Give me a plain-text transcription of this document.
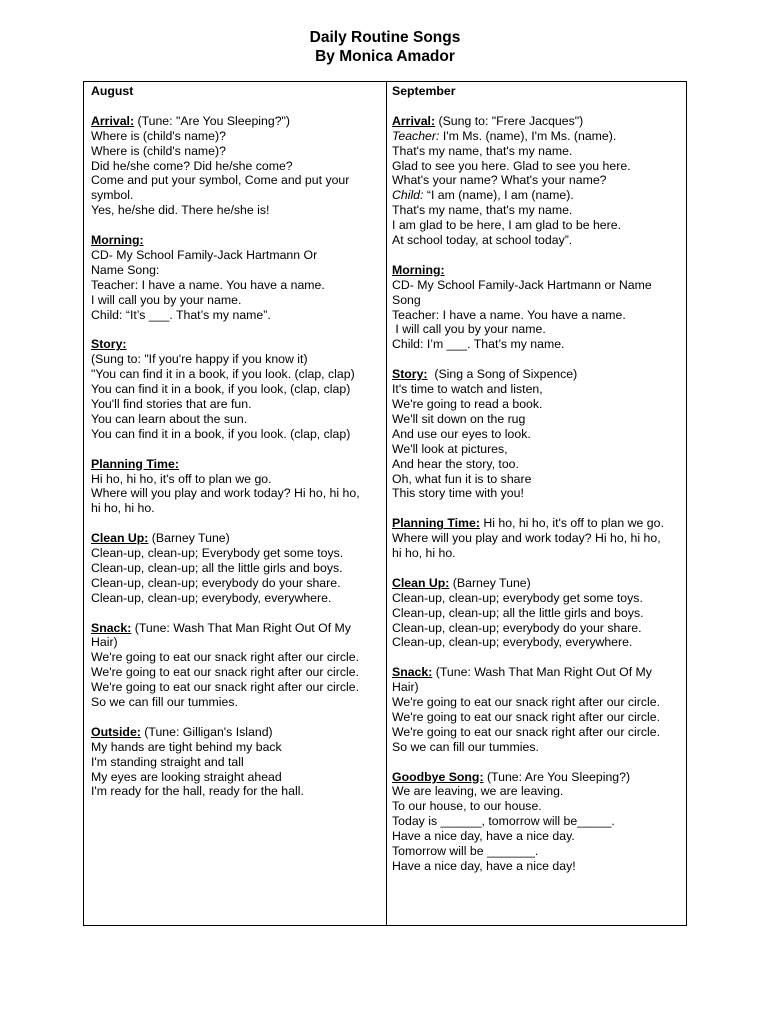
Daily Routine Songs
By Monica Amador
August
Arrival: (Tune: "Are You Sleeping?")
Where is (child's name)?
Where is (child's name)?
Did he/she come? Did he/she come?
Come and put your symbol, Come and put your
symbol.
Yes, he/she did. There he/she is!
Morning:
CD- My School Family-Jack Hartmann Or
Name Song:
Teacher: I have a name. You have a name.
I will call you by your name.
Child: “It’s ___. That’s my name”.
Story:
(Sung to: "If you're happy if you know it)
"You can find it in a book, if you look. (clap, clap)
You can find it in a book, if you look, (clap, clap)
You'll find stories that are fun.
You can learn about the sun.
You can find it in a book, if you look. (clap, clap)
Planning Time:
Hi ho, hi ho, it's off to plan we go.
Where will you play and work today? Hi ho, hi ho,
hi ho, hi ho.
Clean Up: (Barney Tune)
Clean-up, clean-up; Everybody get some toys.
Clean-up, clean-up; all the little girls and boys.
Clean-up, clean-up; everybody do your share.
Clean-up, clean-up; everybody, everywhere.
Snack: (Tune: Wash That Man Right Out Of My
Hair)
We're going to eat our snack right after our circle.
We're going to eat our snack right after our circle.
We're going to eat our snack right after our circle.
So we can fill our tummies.
Outside: (Tune: Gilligan's Island)
My hands are tight behind my back
I'm standing straight and tall
My eyes are looking straight ahead
I'm ready for the hall, ready for the hall.
September
Arrival: (Sung to: "Frere Jacques")
Teacher: I'm Ms. (name), I'm Ms. (name).
That's my name, that's my name.
Glad to see you here. Glad to see you here.
What's your name? What's your name?
Child: “I am (name), I am (name).
That's my name, that's my name.
I am glad to be here, I am glad to be here.
At school today, at school today”.
Morning:
CD- My School Family-Jack Hartmann or Name
Song
Teacher: I have a name. You have a name.
I will call you by your name.
Child: I’m ___. That’s my name.
Story:  (Sing a Song of Sixpence)
It's time to watch and listen,
We're going to read a book.
We'll sit down on the rug
And use our eyes to look.
We'll look at pictures,
And hear the story, too.
Oh, what fun it is to share
This story time with you!
Planning Time: Hi ho, hi ho, it's off to plan we go.
Where will you play and work today? Hi ho, hi ho,
hi ho, hi ho.
Clean Up: (Barney Tune)
Clean-up, clean-up; everybody get some toys.
Clean-up, clean-up; all the little girls and boys.
Clean-up, clean-up; everybody do your share.
Clean-up, clean-up; everybody, everywhere.
Snack: (Tune: Wash That Man Right Out Of My
Hair)
We're going to eat our snack right after our circle.
We're going to eat our snack right after our circle.
We're going to eat our snack right after our circle.
So we can fill our tummies.
Goodbye Song: (Tune: Are You Sleeping?)
We are leaving, we are leaving.
To our house, to our house.
Today is ______, tomorrow will be_____.
Have a nice day, have a nice day.
Tomorrow will be _______.
Have a nice day, have a nice day!
